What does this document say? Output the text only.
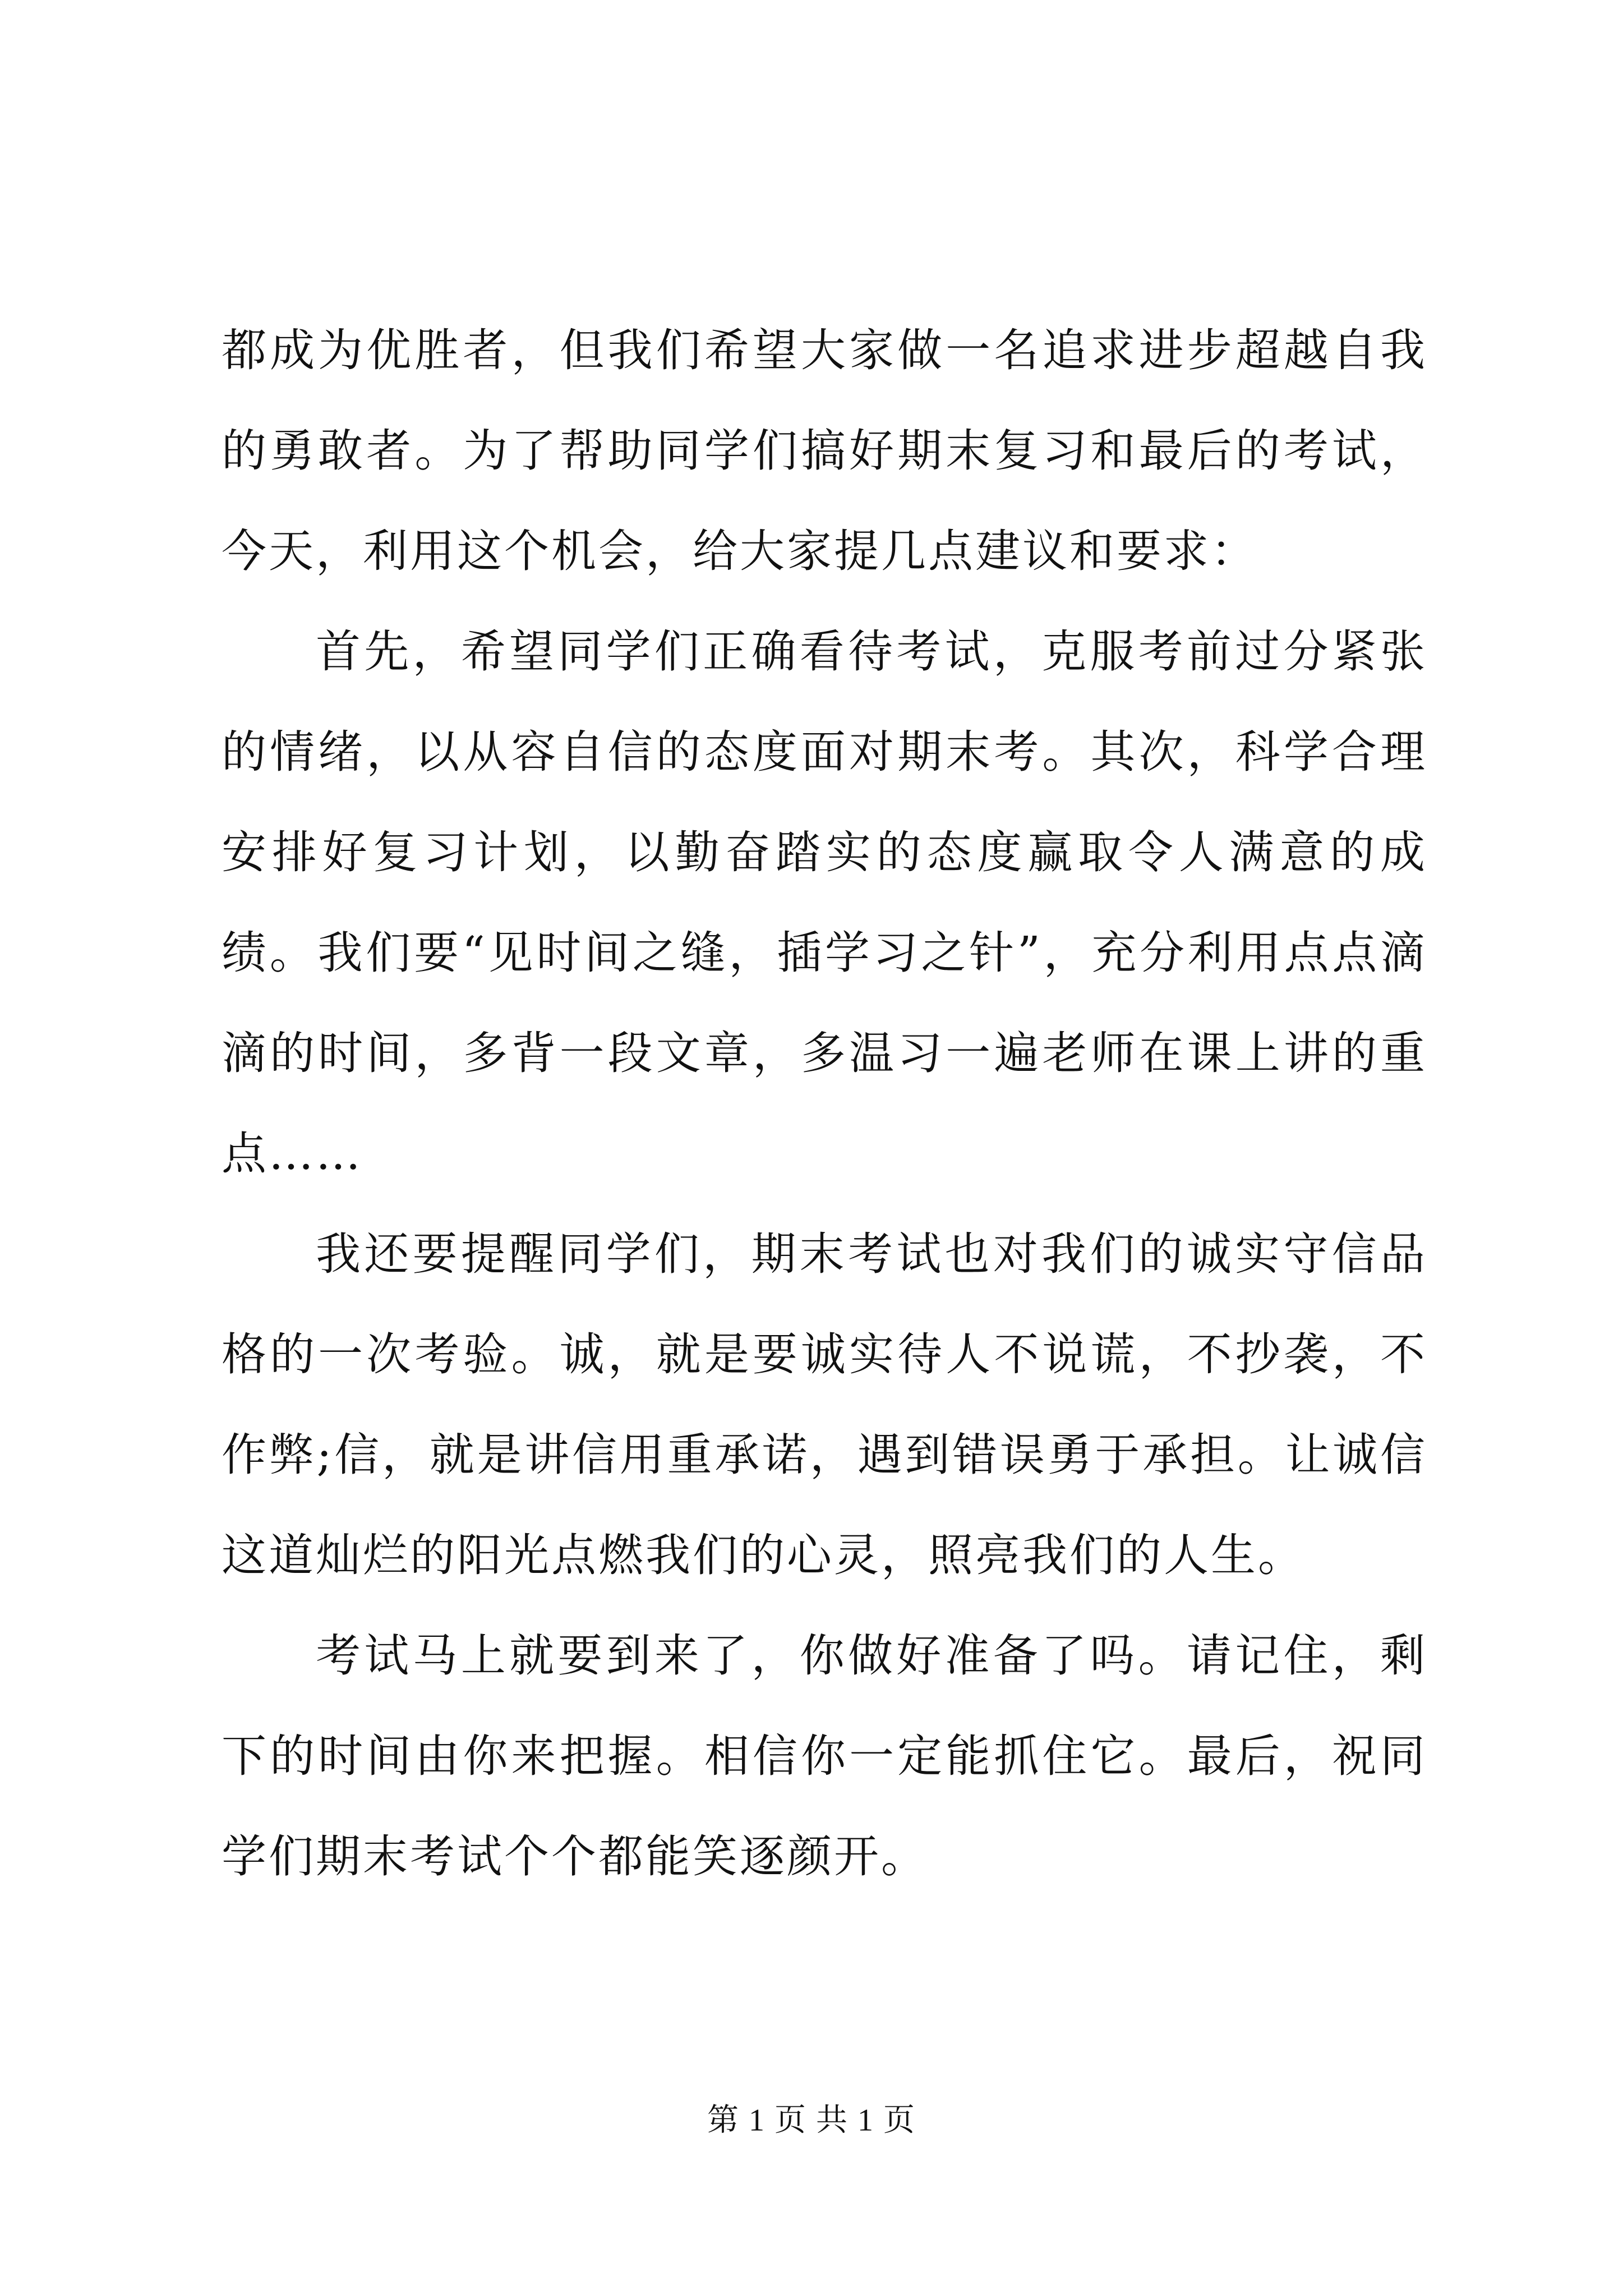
都成为优胜者，但我们希望大家做一名追求进步超越自我的勇敢者。为了帮助同学们搞好期末复习和最后的考试，今天，利用这个机会，给大家提几点建议和要求：

首先，希望同学们正确看待考试，克服考前过分紧张的情绪，以从容自信的态度面对期末考。其次，科学合理安排好复习计划，以勤奋踏实的态度赢取令人满意的成绩。我们要“见时间之缝，插学习之针”，充分利用点点滴滴的时间，多背一段文章，多温习一遍老师在课上讲的重点……

我还要提醒同学们，期末考试也对我们的诚实守信品格的一次考验。诚，就是要诚实待人不说谎，不抄袭，不作弊;信，就是讲信用重承诺，遇到错误勇于承担。让诚信这道灿烂的阳光点燃我们的心灵，照亮我们的人生。

考试马上就要到来了，你做好准备了吗。请记住，剩下的时间由你来把握。相信你一定能抓住它。最后，祝同学们期末考试个个都能笑逐颜开。

第 1 页 共 1 页
